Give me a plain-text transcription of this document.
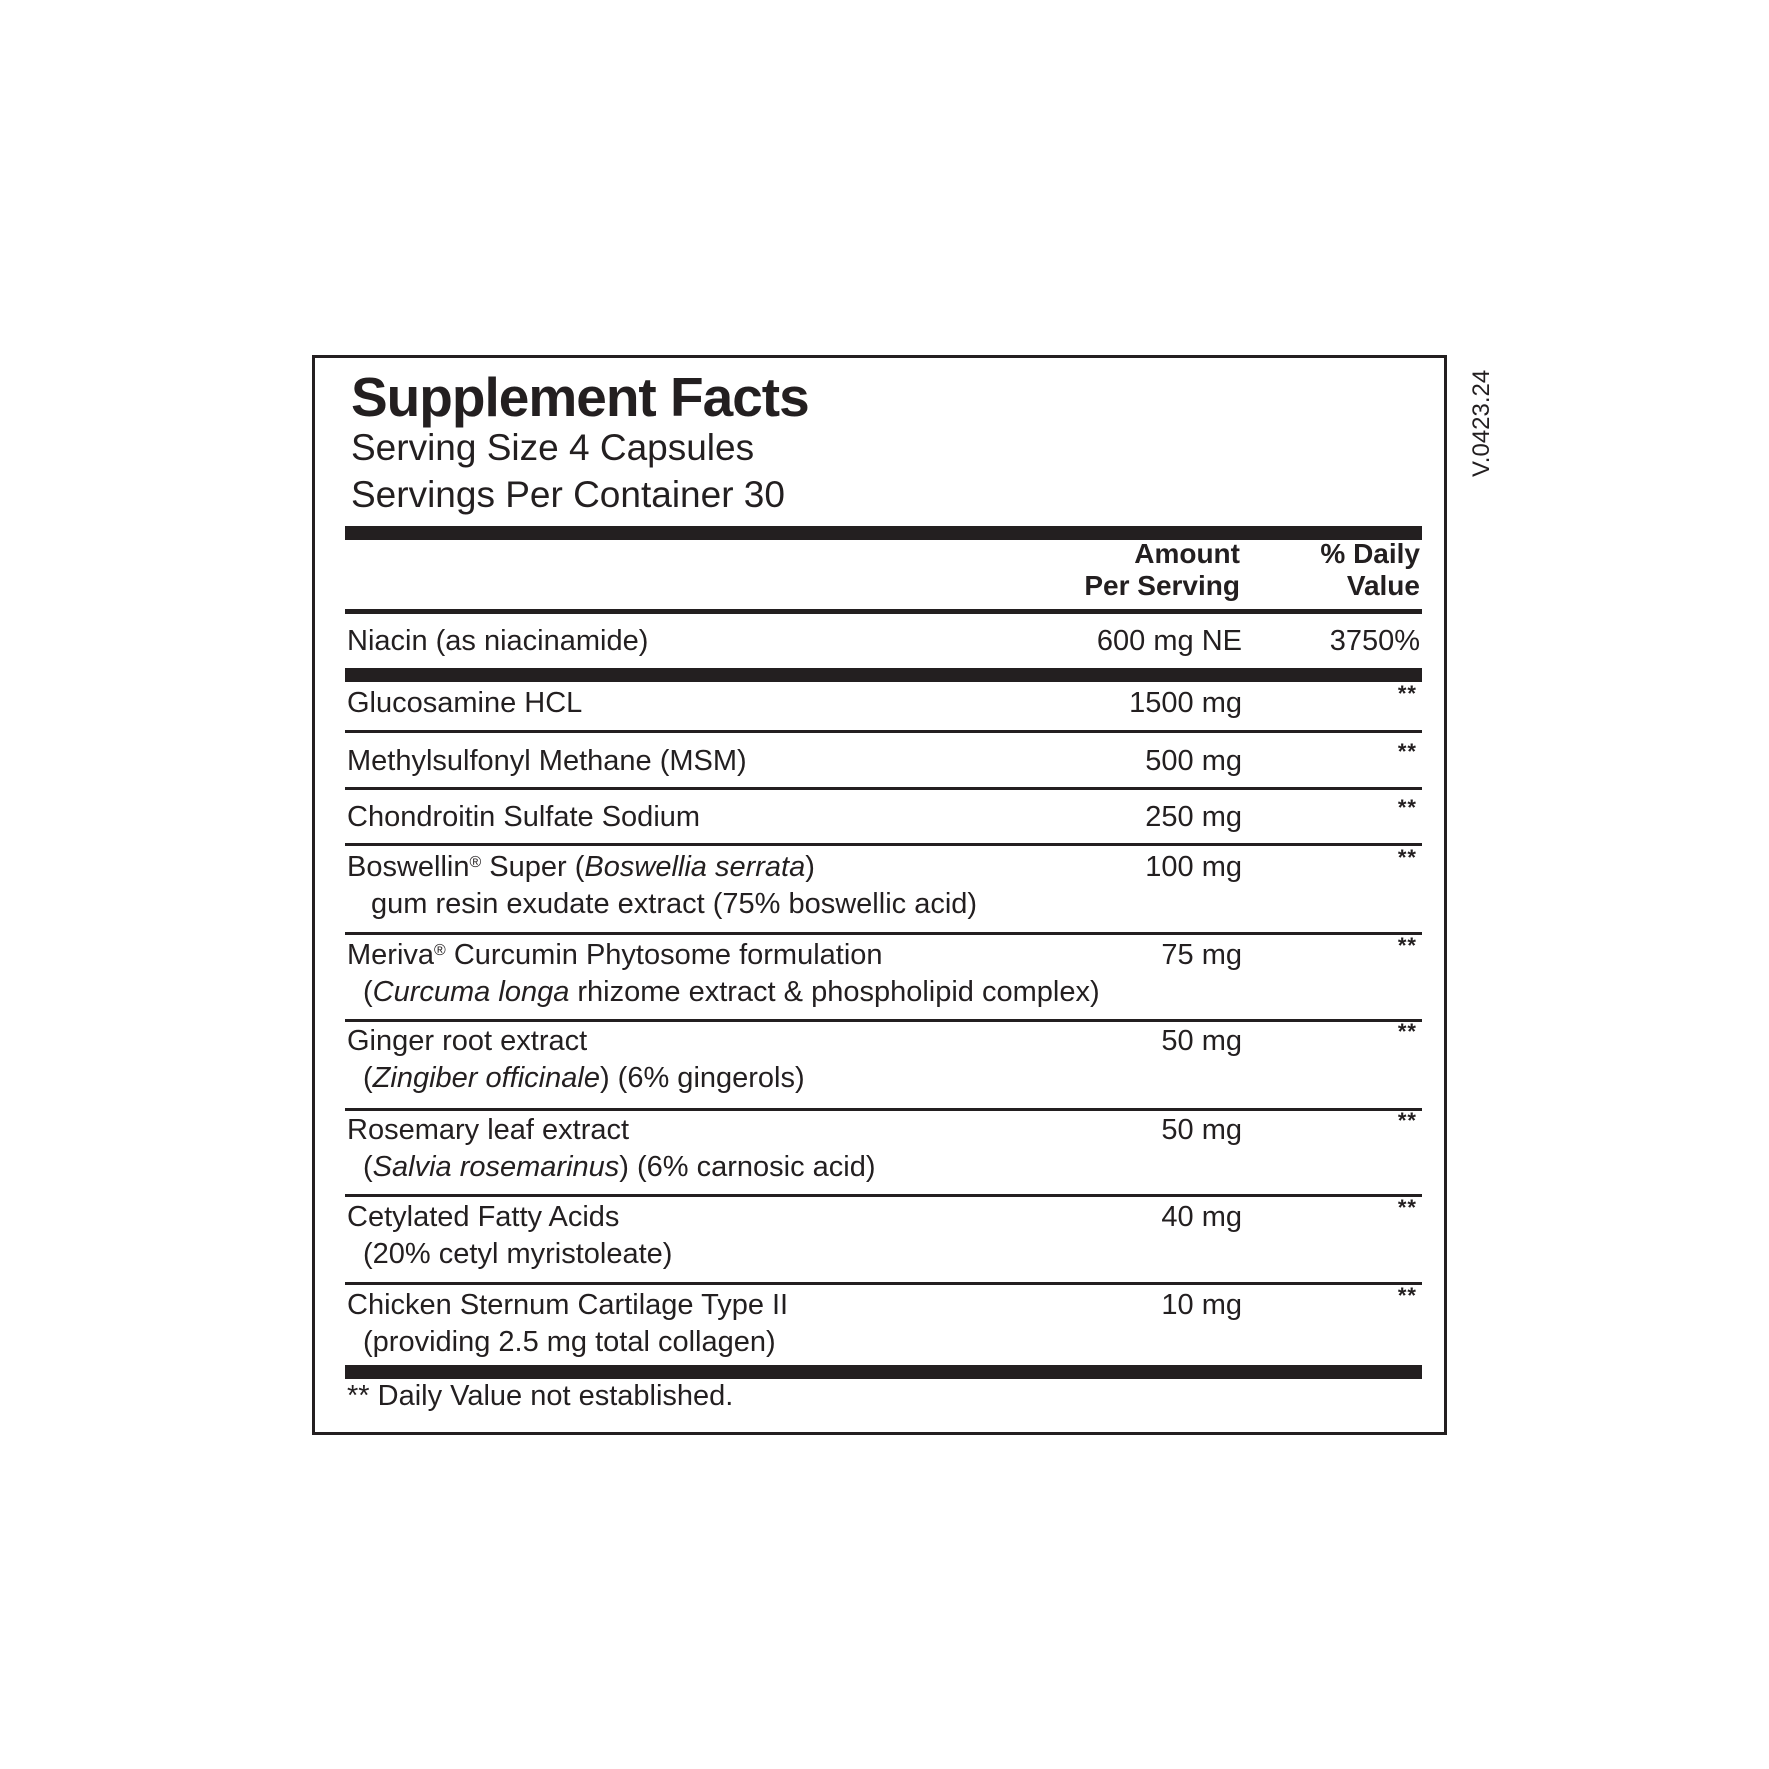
Supplement Facts
Serving Size 4 Capsules
Servings Per Container 30
Amount
Per Serving
% Daily
Value
Niacin (as niacinamide)	600 mg NE	3750%
Glucosamine HCL	1500 mg	**
Methylsulfonyl Methane (MSM)	500 mg	**
Chondroitin Sulfate Sodium	250 mg	**
Boswellin® Super (Boswellia serrata)
gum resin exudate extract (75% boswellic acid)
100 mg	**
Meriva® Curcumin Phytosome formulation
(Curcuma longa rhizome extract & phospholipid complex)
75 mg	**
Ginger root extract
(Zingiber officinale) (6% gingerols)
50 mg	**
Rosemary leaf extract
(Salvia rosemarinus) (6% carnosic acid)
50 mg	**
Cetylated Fatty Acids
(20% cetyl myristoleate)
40 mg	**
Chicken Sternum Cartilage Type II
(providing 2.5 mg total collagen)
10 mg	**
** Daily Value not established.
V.0423.24
